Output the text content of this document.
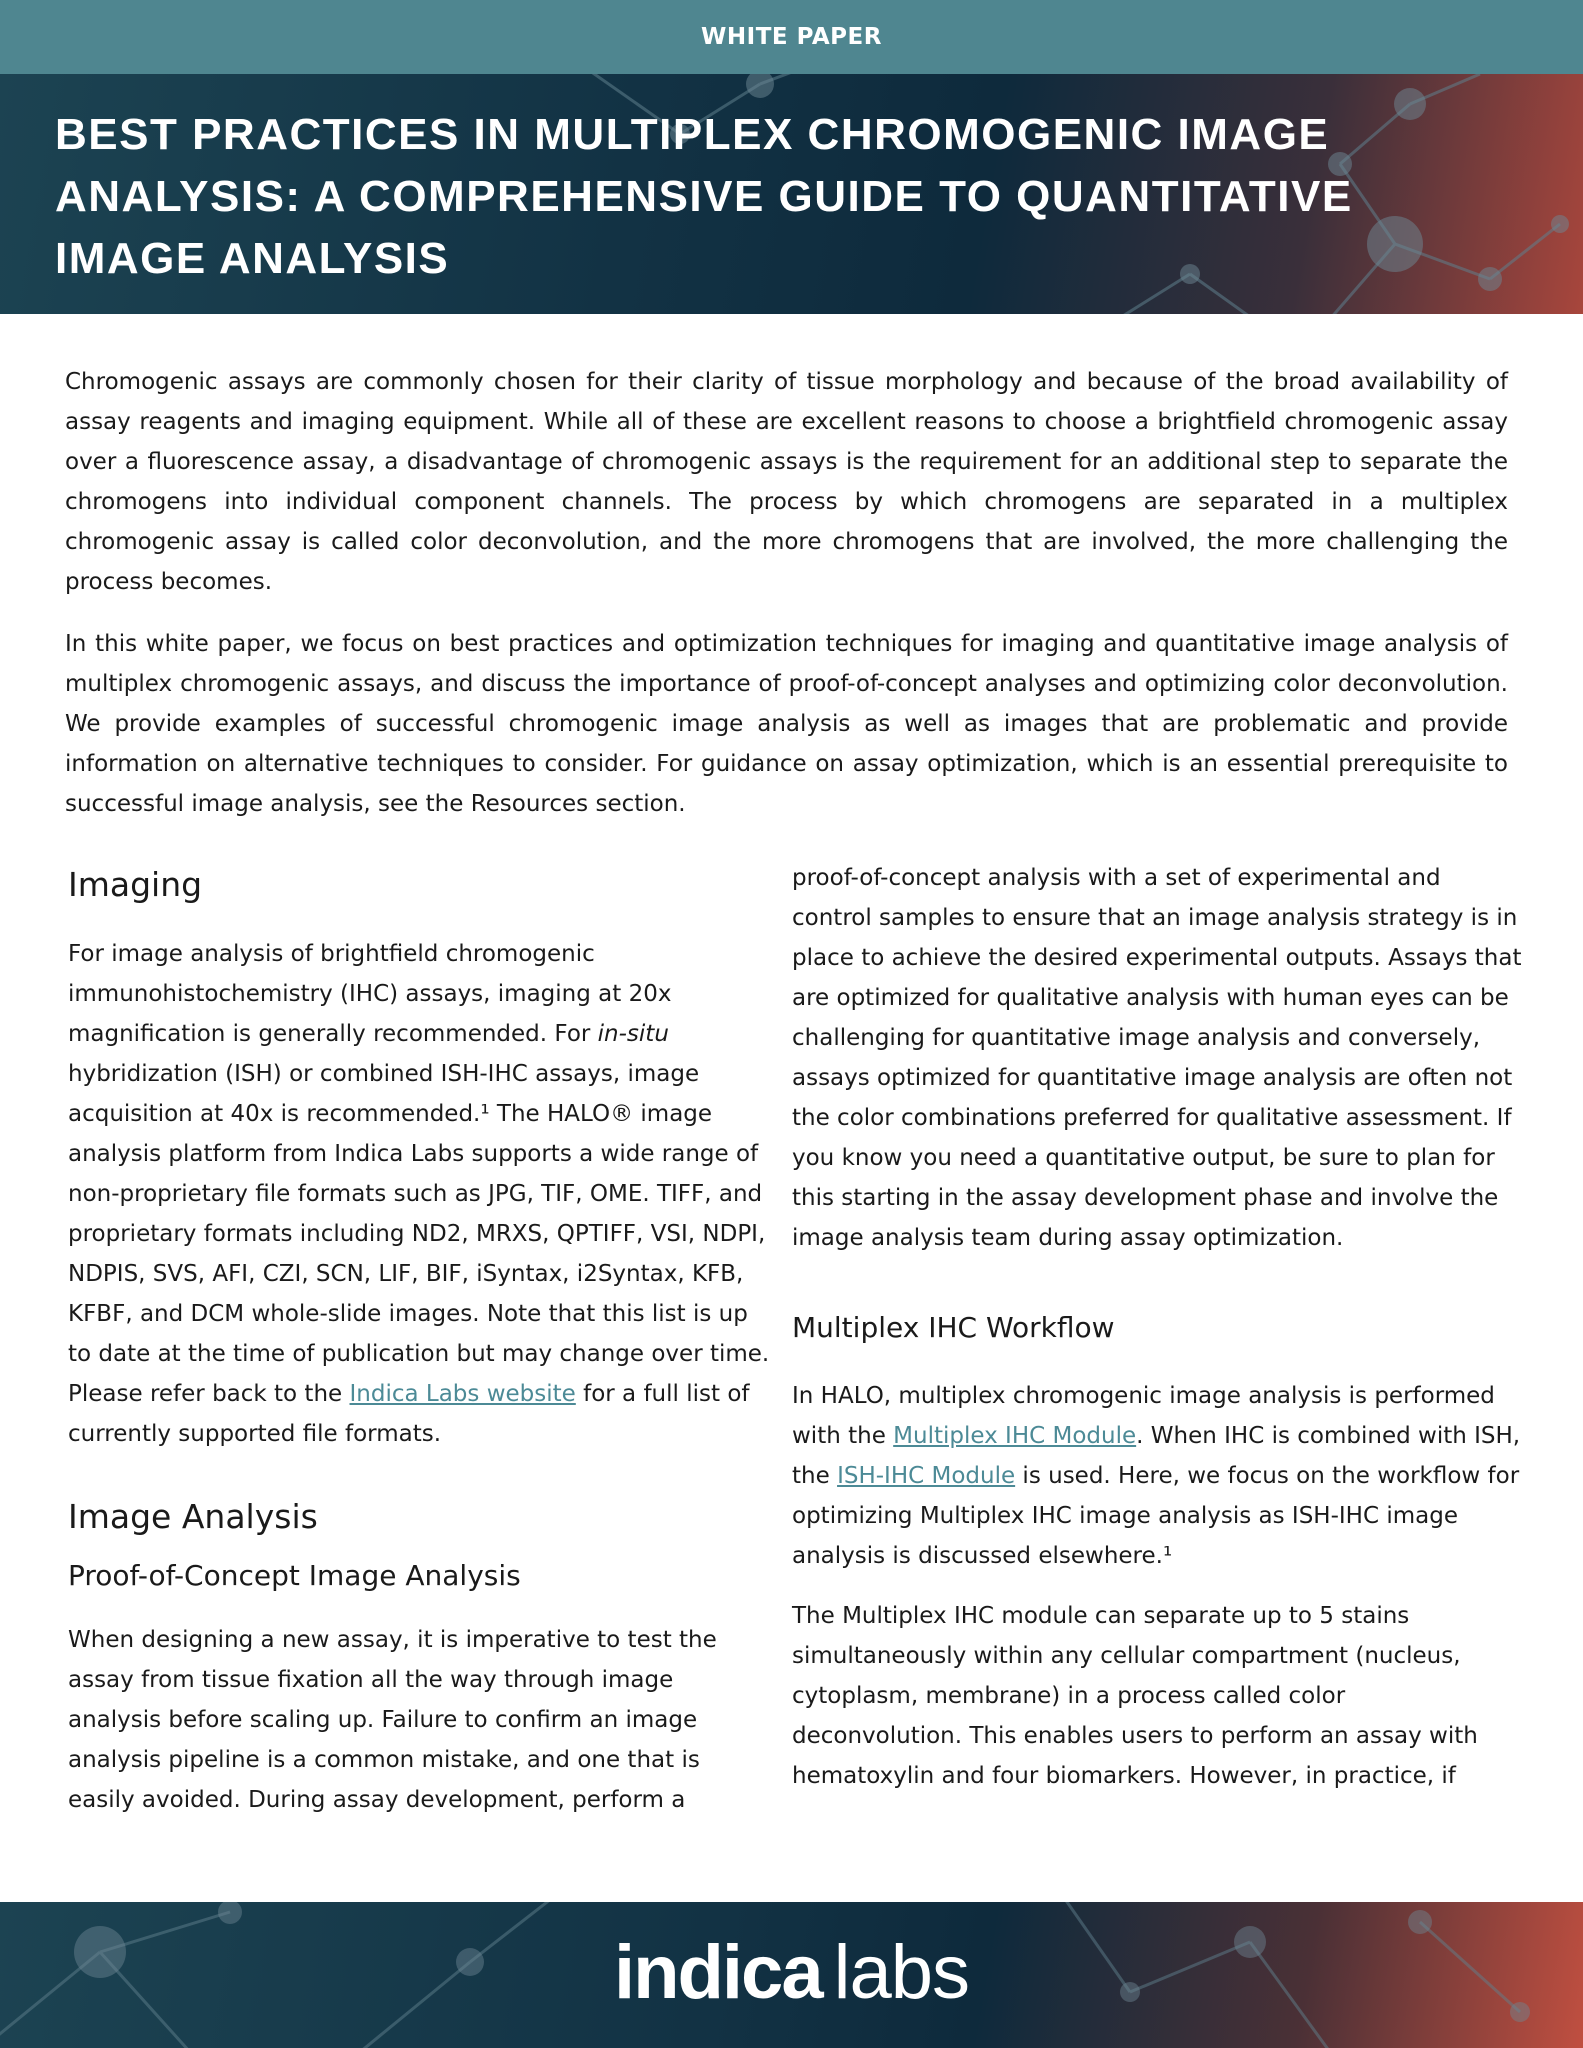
WHITE PAPER
BEST PRACTICES IN MULTIPLEX CHROMOGENIC IMAGE ANALYSIS: A COMPREHENSIVE GUIDE TO QUANTITATIVE IMAGE ANALYSIS

Chromogenic assays are commonly chosen for their clarity of tissue morphology and because of the broad availability of assay reagents and imaging equipment. While all of these are excellent reasons to choose a brightfield chromogenic assay over a fluorescence assay, a disadvantage of chromogenic assays is the requirement for an additional step to separate the chromogens into individual component channels. The process by which chromogens are separated in a multiplex chromogenic assay is called color deconvolution, and the more chromogens that are involved, the more challenging the process becomes.

In this white paper, we focus on best practices and optimization techniques for imaging and quantitative image analysis of multiplex chromogenic assays, and discuss the importance of proof-of-concept analyses and optimizing color deconvolution. We provide examples of successful chromogenic image analysis as well as images that are problematic and provide information on alternative techniques to consider. For guidance on assay optimization, which is an essential prerequisite to successful image analysis, see the Resources section.

Imaging

For image analysis of brightfield chromogenic immunohistochemistry (IHC) assays, imaging at 20x magnification is generally recommended. For in-situ hybridization (ISH) or combined ISH-IHC assays, image acquisition at 40x is recommended.¹ The HALO® image analysis platform from Indica Labs supports a wide range of non-proprietary file formats such as JPG, TIF, OME. TIFF, and proprietary formats including ND2, MRXS, QPTIFF, VSI, NDPI, NDPIS, SVS, AFI, CZI, SCN, LIF, BIF, iSyntax, i2Syntax, KFB, KFBF, and DCM whole-slide images. Note that this list is up to date at the time of publication but may change over time. Please refer back to the Indica Labs website for a full list of currently supported file formats.

Image Analysis
Proof-of-Concept Image Analysis

When designing a new assay, it is imperative to test the assay from tissue fixation all the way through image analysis before scaling up. Failure to confirm an image analysis pipeline is a common mistake, and one that is easily avoided. During assay development, perform a

proof-of-concept analysis with a set of experimental and control samples to ensure that an image analysis strategy is in place to achieve the desired experimental outputs. Assays that are optimized for qualitative analysis with human eyes can be challenging for quantitative image analysis and conversely, assays optimized for quantitative image analysis are often not the color combinations preferred for qualitative assessment. If you know you need a quantitative output, be sure to plan for this starting in the assay development phase and involve the image analysis team during assay optimization.

Multiplex IHC Workflow

In HALO, multiplex chromogenic image analysis is performed with the Multiplex IHC Module. When IHC is combined with ISH, the ISH-IHC Module is used. Here, we focus on the workflow for optimizing Multiplex IHC image analysis as ISH-IHC image analysis is discussed elsewhere.¹

The Multiplex IHC module can separate up to 5 stains simultaneously within any cellular compartment (nucleus, cytoplasm, membrane) in a process called color deconvolution. This enables users to perform an assay with hematoxylin and four biomarkers. However, in practice, if

indica labs
